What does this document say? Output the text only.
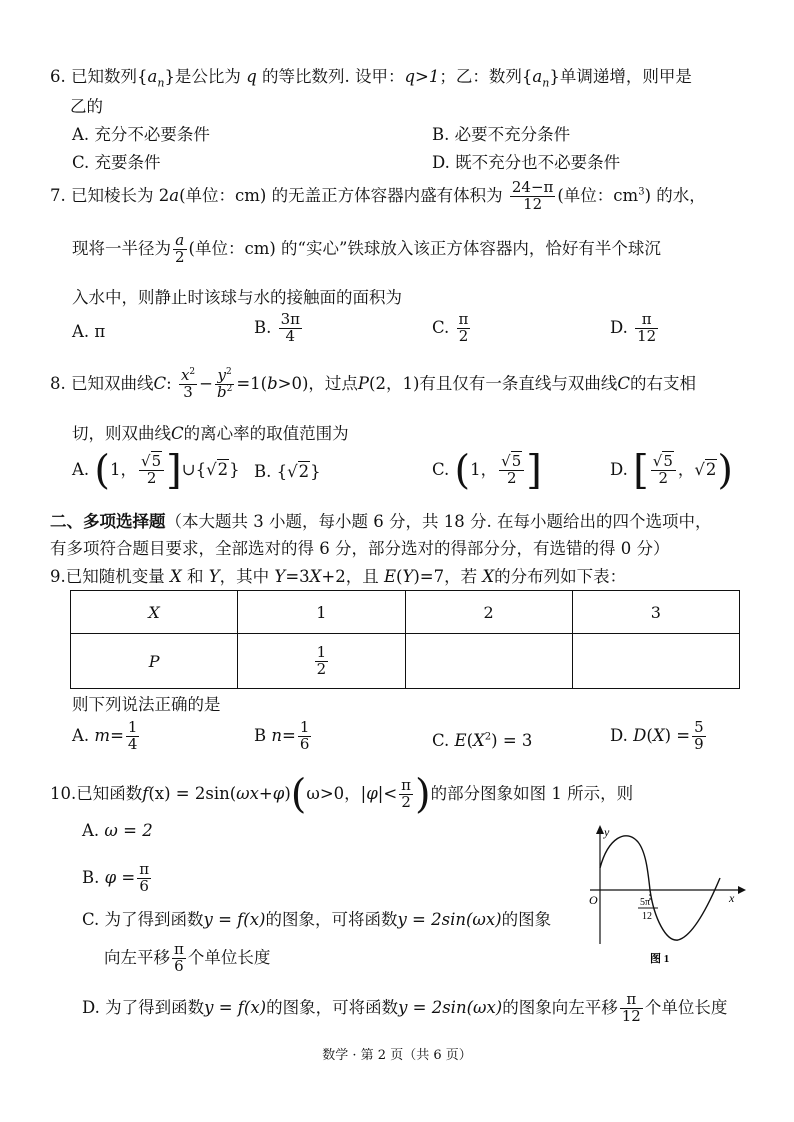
6. 已知数列$\{a_n\}$是公比为 q 的等比数列. 设甲：q>1；乙：数列$\{a_n\}$单调递增，则甲是
乙的
A. 充分不必要条件	B. 必要不充分条件
C. 充要条件	D. 既不充分也不必要条件
7. 已知棱长为 2a(单位：cm) 的无盖正方体容器内盛有体积为 $\frac{24-\pi}{12}$ (单位：$cm^3$) 的水，
现将一半径为 $\frac{a}{2}$ (单位：cm) 的“实心”铁球放入该正方体容器内，恰好有半个球沉
入水中，则静止时该球与水的接触面的面积为
A. π	B. $\frac{3\pi}{4}$	C. $\frac{\pi}{2}$	D. $\frac{\pi}{12}$
8. 已知双曲线C: $\frac{x^2}{3} - \frac{y^2}{b^2} =1(b>0)$，过点P(2，1)有且仅有一条直线与双曲线C的右支相
切，则双曲线C的离心率的取值范围为
A. (1， $\frac{√5}{2}$ ]∪{√2} B. {√2}	C. (1， $\frac{√5}{2}$ ]	D. [ $\frac{√5}{2}$ ，√2)
二、多项选择题（本大题共 3 小题，每小题 6 分，共 18 分. 在每小题给出的四个选项中，
有多项符合题目要求，全部选对的得 6 分，部分选对的得部分分，有选错的得 0 分）
9.已知随机变量 X 和 Y，其中 Y=3X+2，且 E(Y)=7，若 X的分布列如下表：
X	1	2	3
P	$\frac{1}{2}$

则下列说法正确的是
A. $m= \frac{1}{4}$	B $n= \frac{1}{6}$	C. $E(X^2) = 3$	D. $D(X) = \frac{5}{9}$
10.已知函数f(x) = 2sin(ωx+φ)(ω>0，$|\varphi|< \frac{\pi}{2}$ )的部分图象如图 1 所示，则
A. ω = 2
B. $\varphi = \frac{\pi}{6}$
C. 为了得到函数y = f(x)的图象，可将函数y = 2sin(ωx)的图象
向左平移 $\frac{\pi}{6}$ 个单位长度
D. 为了得到函数y = f(x)的图象，可将函数y = 2sin(ωx)的图象向左平移 $\frac{\pi}{12}$ 个单位长度
y
x
O	5π
12
图 1
数学 · 第 2 页（共 6 页）
